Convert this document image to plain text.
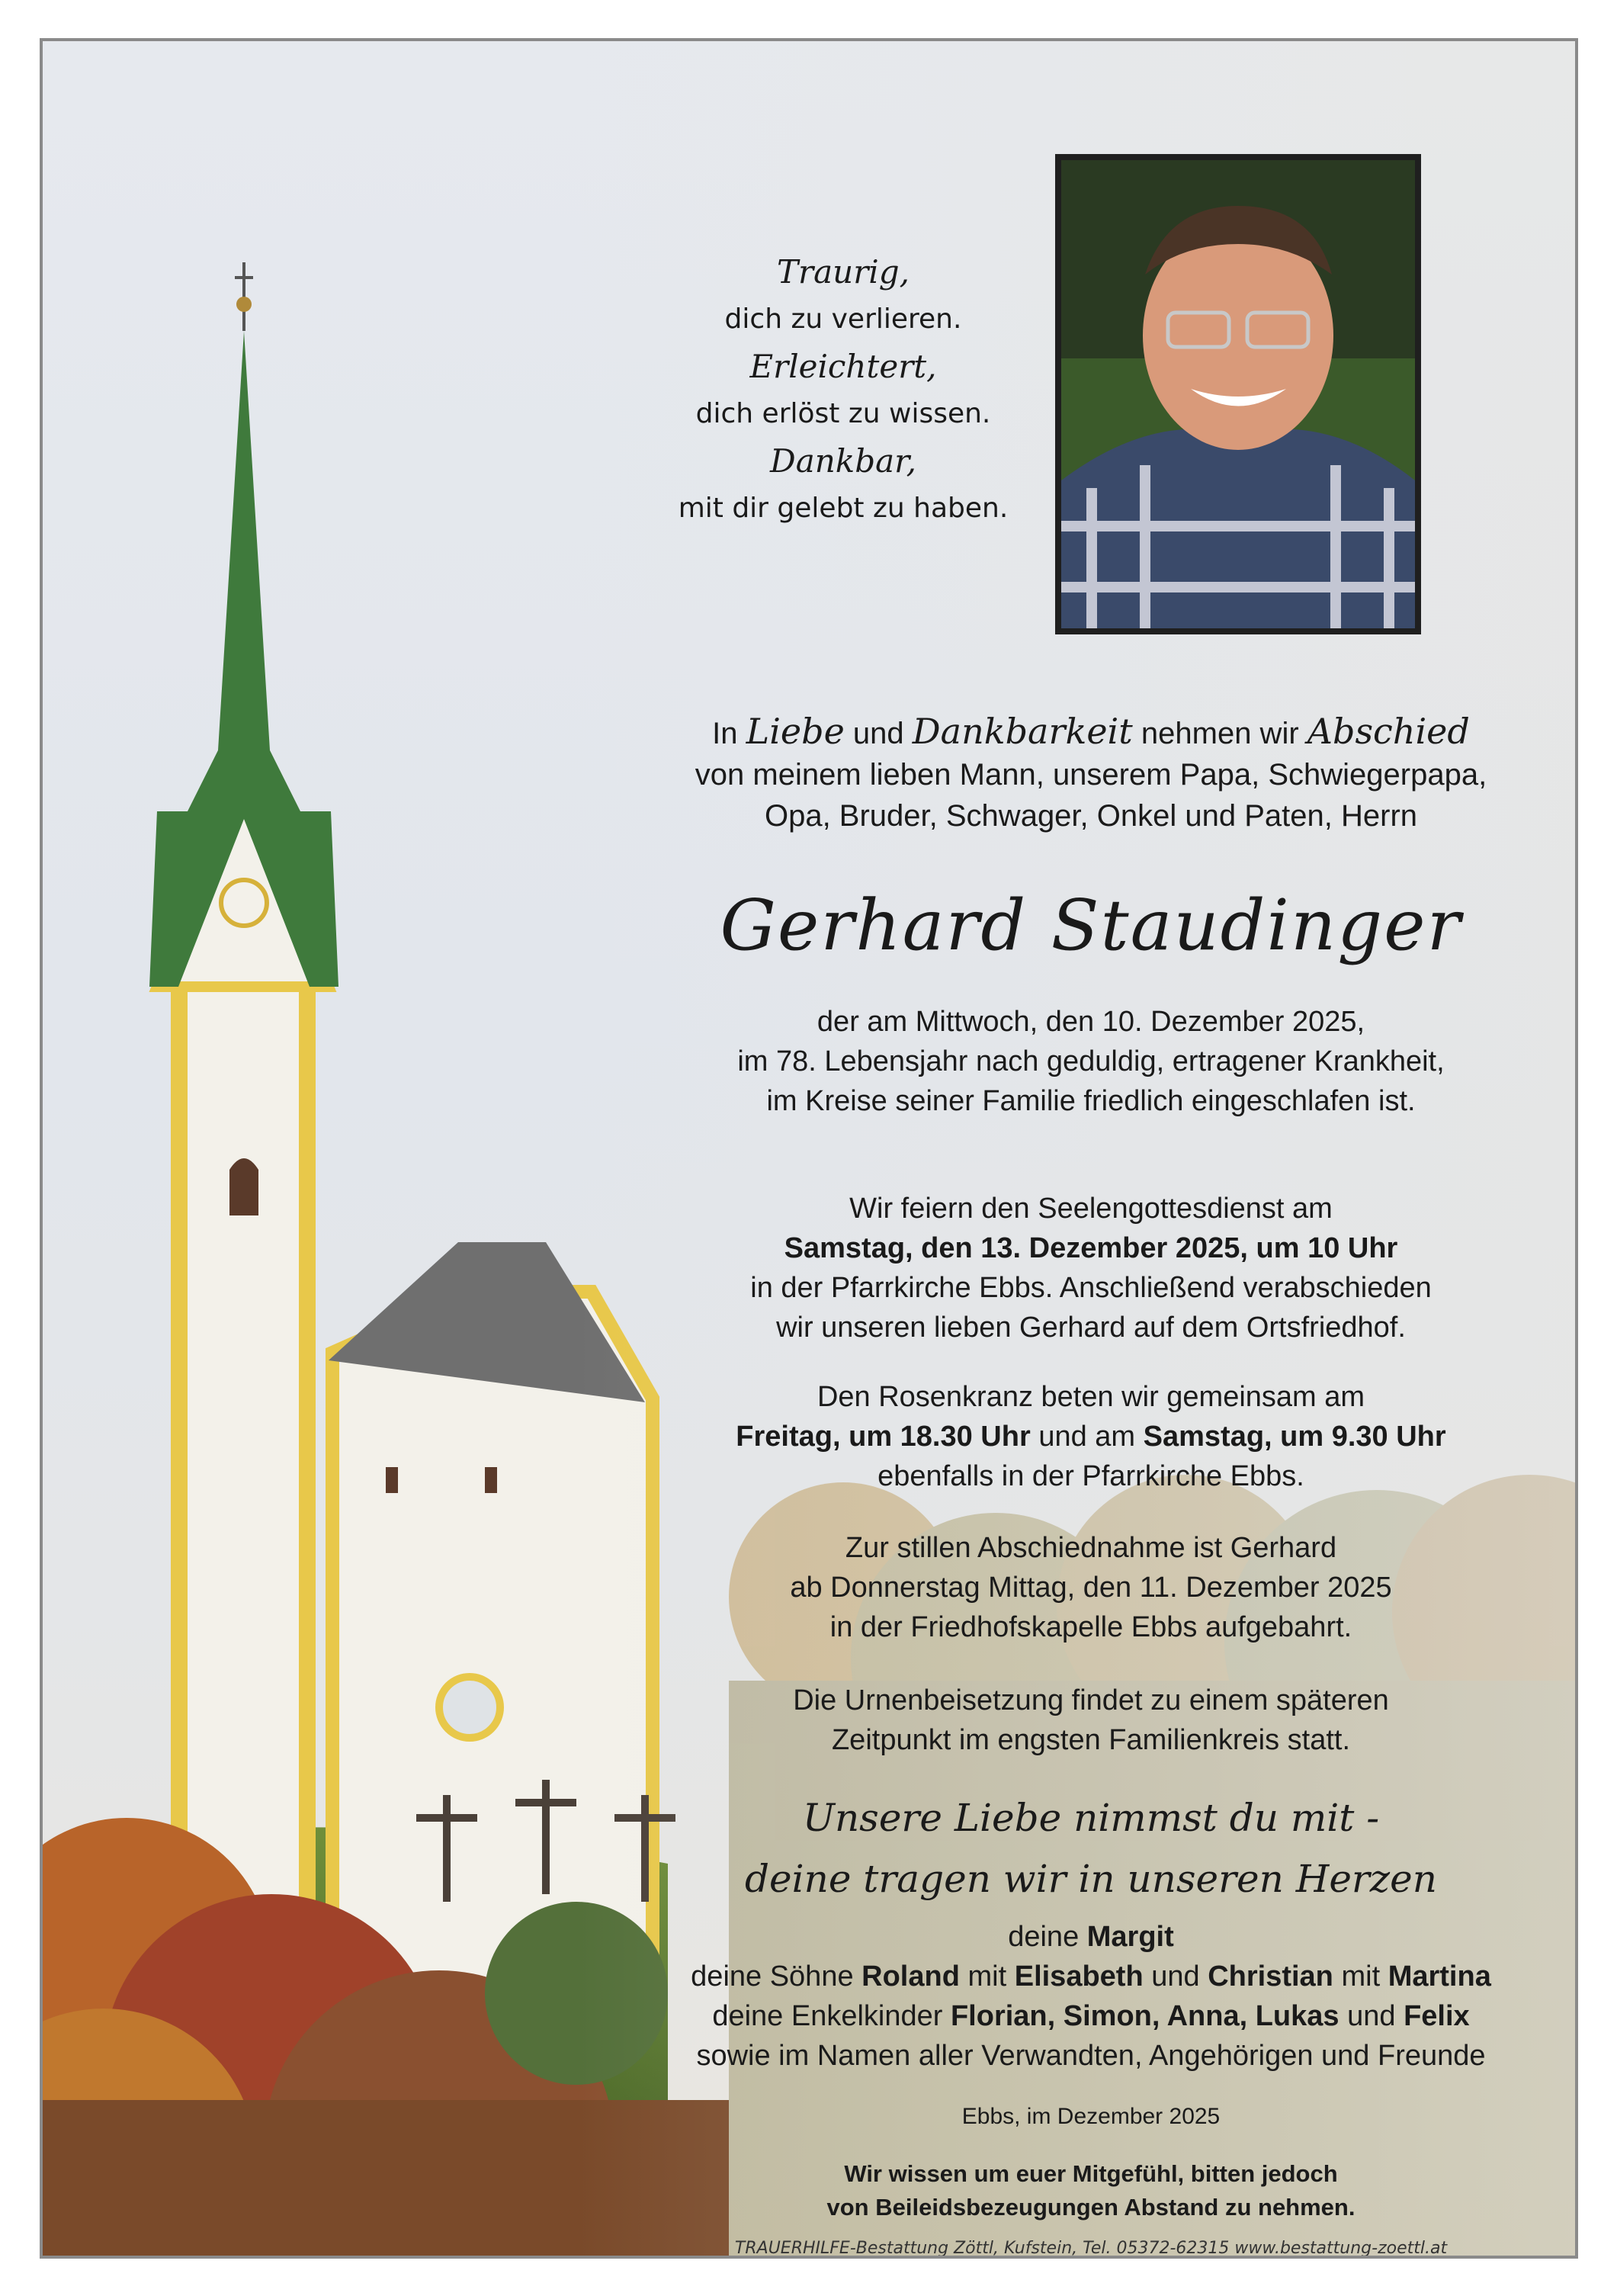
Traurig,
dich zu verlieren.
Erleichtert,
dich erlöst zu wissen.
Dankbar,
mit dir gelebt zu haben.
In Liebe und Dankbarkeit nehmen wir Abschied
von meinem lieben Mann, unserem Papa, Schwiegerpapa,
Opa, Bruder, Schwager, Onkel und Paten, Herrn
Gerhard Staudinger
der am Mittwoch, den 10. Dezember 2025,
im 78. Lebensjahr nach geduldig, ertragener Krankheit,
im Kreise seiner Familie friedlich eingeschlafen ist.
Wir feiern den Seelengottesdienst am
Samstag, den 13. Dezember 2025, um 10 Uhr
in der Pfarrkirche Ebbs. Anschließend verabschieden
wir unseren lieben Gerhard auf dem Ortsfriedhof.
Den Rosenkranz beten wir gemeinsam am
Freitag, um 18.30 Uhr und am Samstag, um 9.30 Uhr
ebenfalls in der Pfarrkirche Ebbs.
Zur stillen Abschiednahme ist Gerhard
ab Donnerstag Mittag, den 11. Dezember 2025
in der Friedhofskapelle Ebbs aufgebahrt.
Die Urnenbeisetzung findet zu einem späteren
Zeitpunkt im engsten Familienkreis statt.
Unsere Liebe nimmst du mit -
deine tragen wir in unseren Herzen
deine Margit
deine Söhne Roland mit Elisabeth und Christian mit Martina
deine Enkelkinder Florian, Simon, Anna, Lukas und Felix
sowie im Namen aller Verwandten, Angehörigen und Freunde
Ebbs, im Dezember 2025
Wir wissen um euer Mitgefühl, bitten jedoch
von Beileidsbezeugungen Abstand zu nehmen.
TRAUERHILFE-Bestattung Zöttl, Kufstein, Tel. 05372-62315 www.bestattung-zoettl.at
